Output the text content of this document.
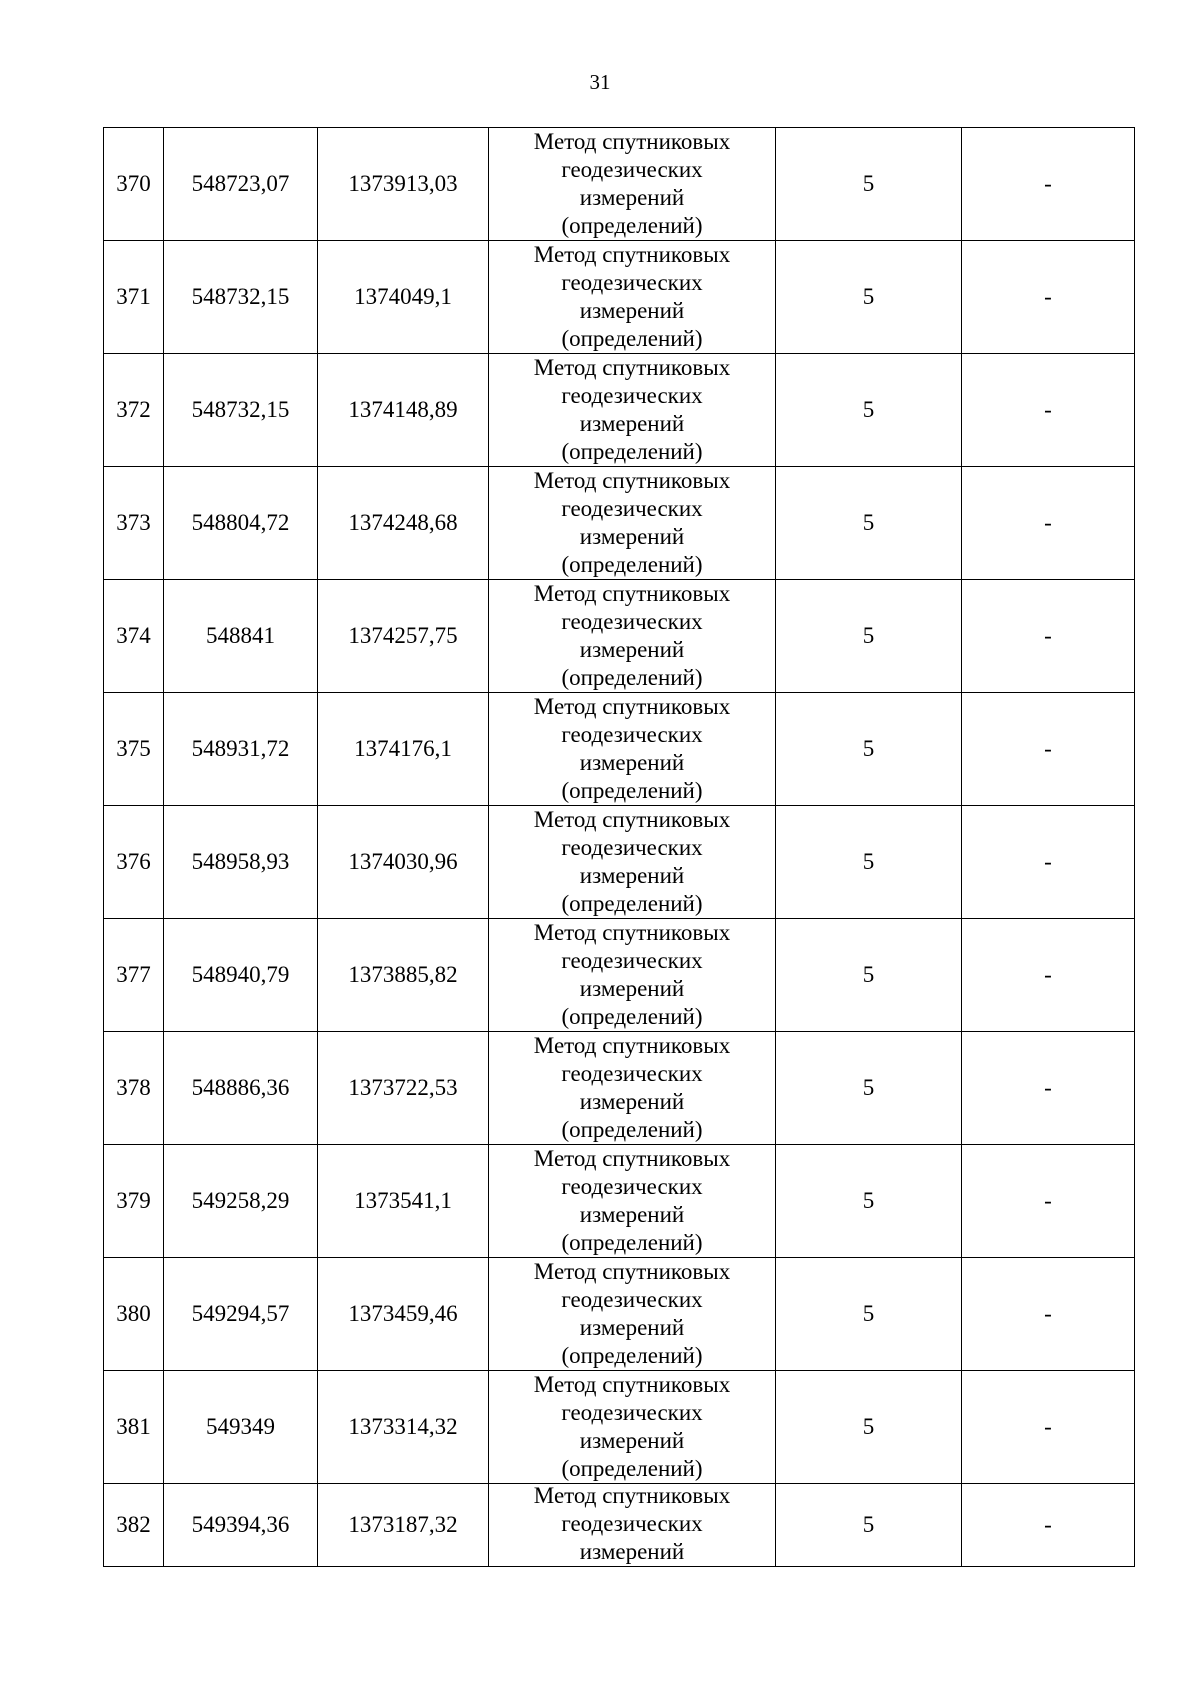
31
370	548723,07	1373913,03	Метод спутниковых
геодезических
измерений
(определений)	5	-
371	548732,15	1374049,1	Метод спутниковых
геодезических
измерений
(определений)	5	-
372	548732,15	1374148,89	Метод спутниковых
геодезических
измерений
(определений)	5	-
373	548804,72	1374248,68	Метод спутниковых
геодезических
измерений
(определений)	5	-
374	548841	1374257,75	Метод спутниковых
геодезических
измерений
(определений)	5	-
375	548931,72	1374176,1	Метод спутниковых
геодезических
измерений
(определений)	5	-
376	548958,93	1374030,96	Метод спутниковых
геодезических
измерений
(определений)	5	-
377	548940,79	1373885,82	Метод спутниковых
геодезических
измерений
(определений)	5	-
378	548886,36	1373722,53	Метод спутниковых
геодезических
измерений
(определений)	5	-
379	549258,29	1373541,1	Метод спутниковых
геодезических
измерений
(определений)	5	-
380	549294,57	1373459,46	Метод спутниковых
геодезических
измерений
(определений)	5	-
381	549349	1373314,32	Метод спутниковых
геодезических
измерений
(определений)	5	-
382	549394,36	1373187,32	Метод спутниковых
геодезических
измерений	5	-
